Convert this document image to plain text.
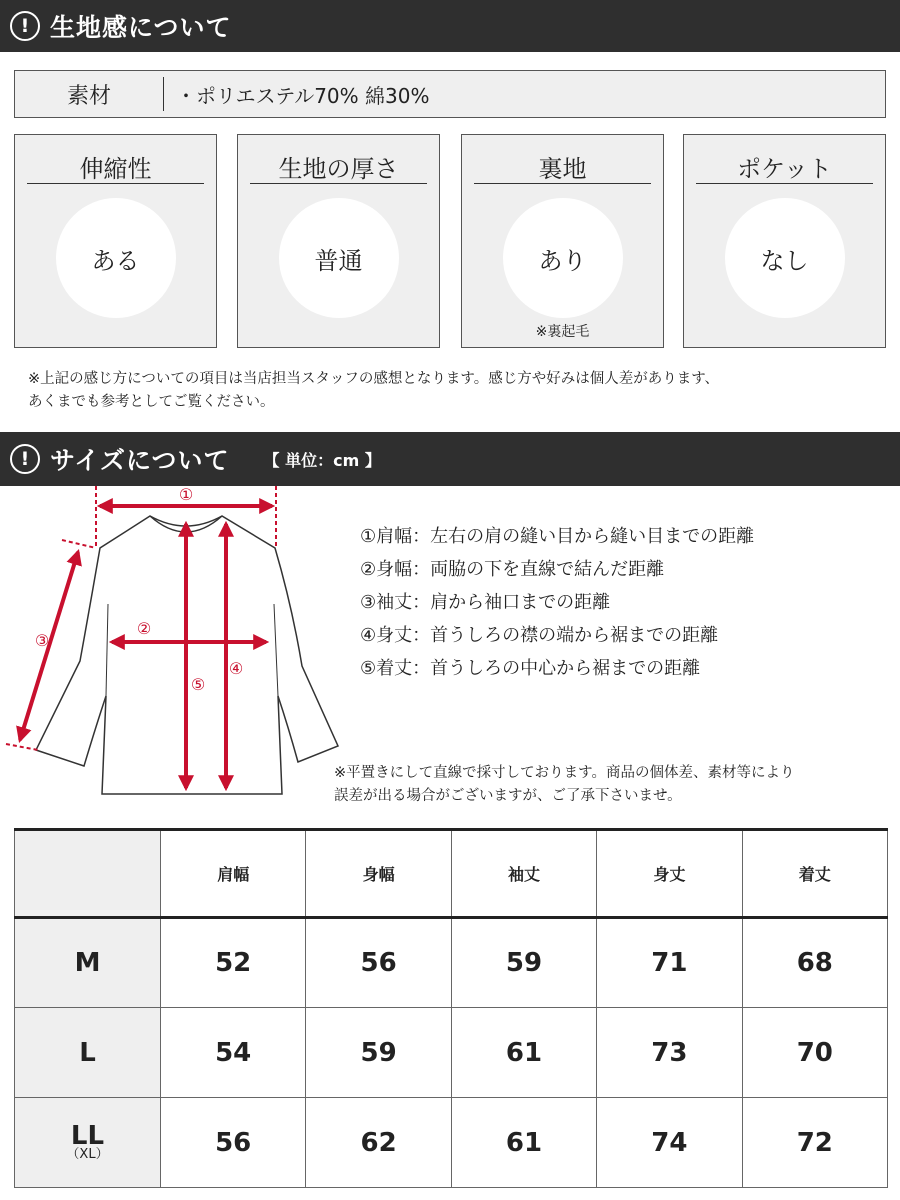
! 生地感について
素材	・ポリエステル70% 綿30%
伸縮性
ある
生地の厚さ
普通
裏地
あり
※裏起毛
ポケット
なし
※上記の感じ方についての項目は当店担当スタッフの感想となります。感じ方や好みは個人差があります、
あくまでも参考としてご覧ください。
! サイズについて 【 単位：cm 】
①
②
③
④
⑤
①肩幅：左右の肩の縫い目から縫い目までの距離
②身幅：両脇の下を直線で結んだ距離
③袖丈：肩から袖口までの距離
④身丈：首うしろの襟の端から裾までの距離
⑤着丈：首うしろの中心から裾までの距離
※平置きにして直線で採寸しております。商品の個体差、素材等により
誤差が出る場合がございますが、ご了承下さいませ。
	肩幅	身幅	袖丈	身丈	着丈

M	52	56	59	71	68

L	54	59	61	73	70

LL
（XL）	56	62	61	74	72
